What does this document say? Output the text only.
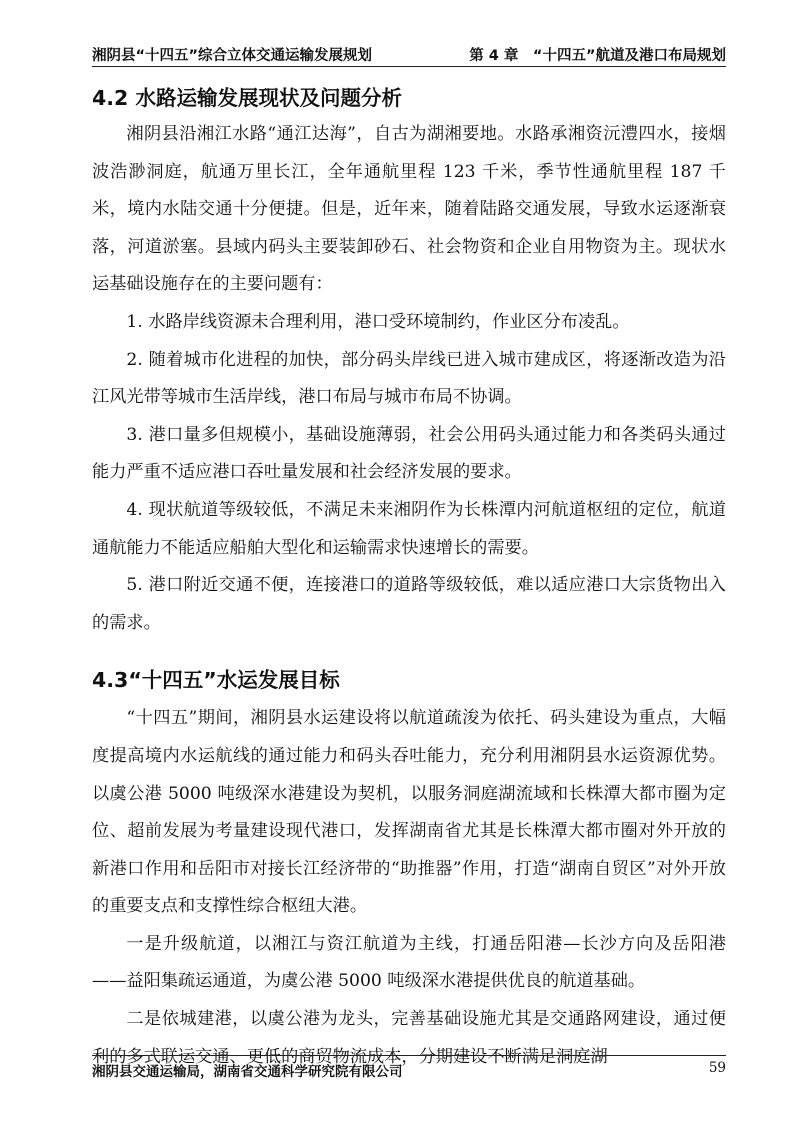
湘阴县“十四五”综合立体交通运输发展规划	第 4 章　“十四五”航道及港口布局规划
4.2 水路运输发展现状及问题分析

湘阴县沿湘江水路“通江达海”，自古为湖湘要地。水路承湘资沅澧四水，接烟波浩渺洞庭，航通万里长江，全年通航里程 123 千米，季节性通航里程 187 千米，境内水陆交通十分便捷。但是，近年来，随着陆路交通发展，导致水运逐渐衰落，河道淤塞。县域内码头主要装卸砂石、社会物资和企业自用物资为主。现状水运基础设施存在的主要问题有：

1. 水路岸线资源未合理利用，港口受环境制约，作业区分布凌乱。

2. 随着城市化进程的加快，部分码头岸线已进入城市建成区，将逐渐改造为沿江风光带等城市生活岸线，港口布局与城市布局不协调。

3. 港口量多但规模小，基础设施薄弱，社会公用码头通过能力和各类码头通过能力严重不适应港口吞吐量发展和社会经济发展的要求。

4. 现状航道等级较低，不满足未来湘阴作为长株潭内河航道枢纽的定位，航道通航能力不能适应船舶大型化和运输需求快速增长的需要。

5. 港口附近交通不便，连接港口的道路等级较低，难以适应港口大宗货物出入的需求。

4.3“十四五”水运发展目标

“十四五”期间，湘阴县水运建设将以航道疏浚为依托、码头建设为重点，大幅度提高境内水运航线的通过能力和码头吞吐能力，充分利用湘阴县水运资源优势。以虞公港 5000 吨级深水港建设为契机，以服务洞庭湖流域和长株潭大都市圈为定位、超前发展为考量建设现代港口，发挥湖南省尤其是长株潭大都市圈对外开放的新港口作用和岳阳市对接长江经济带的“助推器”作用，打造“湖南自贸区”对外开放的重要支点和支撑性综合枢纽大港。

一是升级航道，以湘江与资江航道为主线，打通岳阳港—长沙方向及岳阳港——益阳集疏运通道，为虞公港 5000 吨级深水港提供优良的航道基础。

二是依城建港，以虞公港为龙头，完善基础设施尤其是交通路网建设，通过便利的多式联运交通、更低的商贸物流成本，分期建设不断满足洞庭湖

湘阴县交通运输局，湖南省交通科学研究院有限公司	59
